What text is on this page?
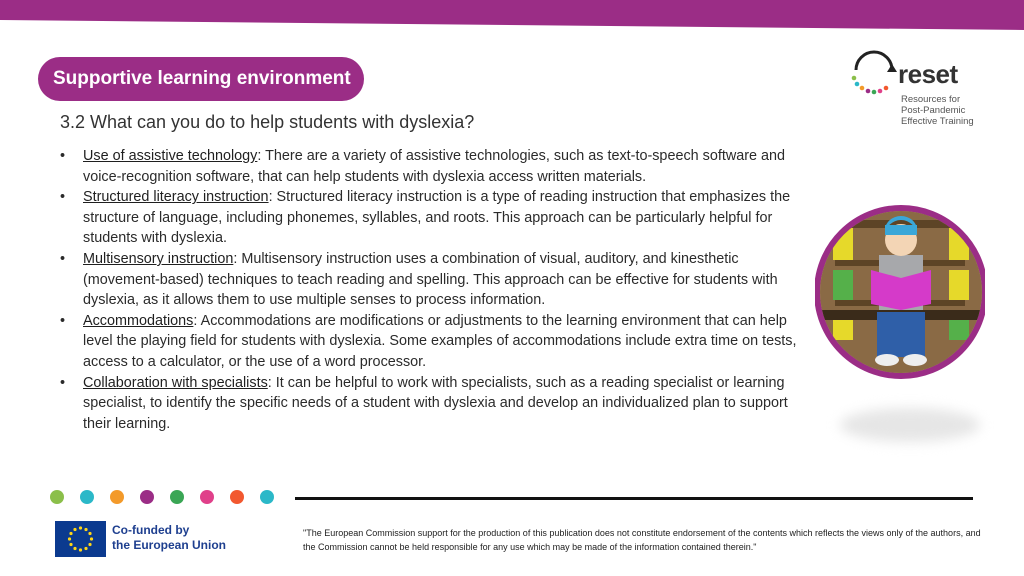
Supportive learning environment	reset
Resources for
Post-Pandemic
Effective Training
3.2 What can you do to help students with dyslexia?
• Use of assistive technology: There are a variety of assistive technologies, such as text-to-speech software and voice-recognition software, that can help students with dyslexia access written materials.
• Structured literacy instruction: Structured literacy instruction is a type of reading instruction that emphasizes the structure of language, including phonemes, syllables, and roots. This approach can be particularly helpful for students with dyslexia.
• Multisensory instruction: Multisensory instruction uses a combination of visual, auditory, and kinesthetic (movement-based) techniques to teach reading and spelling. This approach can be effective for students with dyslexia, as it allows them to use multiple senses to process information.
• Accommodations: Accommodations are modifications or adjustments to the learning environment that can help level the playing field for students with dyslexia. Some examples of accommodations include extra time on tests, access to a calculator, or the use of a word processor.
• Collaboration with specialists: It can be helpful to work with specialists, such as a reading specialist or learning specialist, to identify the specific needs of a student with dyslexia and develop an individualized plan to support their learning.
Co-funded by
the European Union
"The European Commission support for the production of this publication does not constitute endorsement of the contents which reflects the views only of the authors, and the Commission cannot be held responsible for any use which may be made of the information contained therein."
